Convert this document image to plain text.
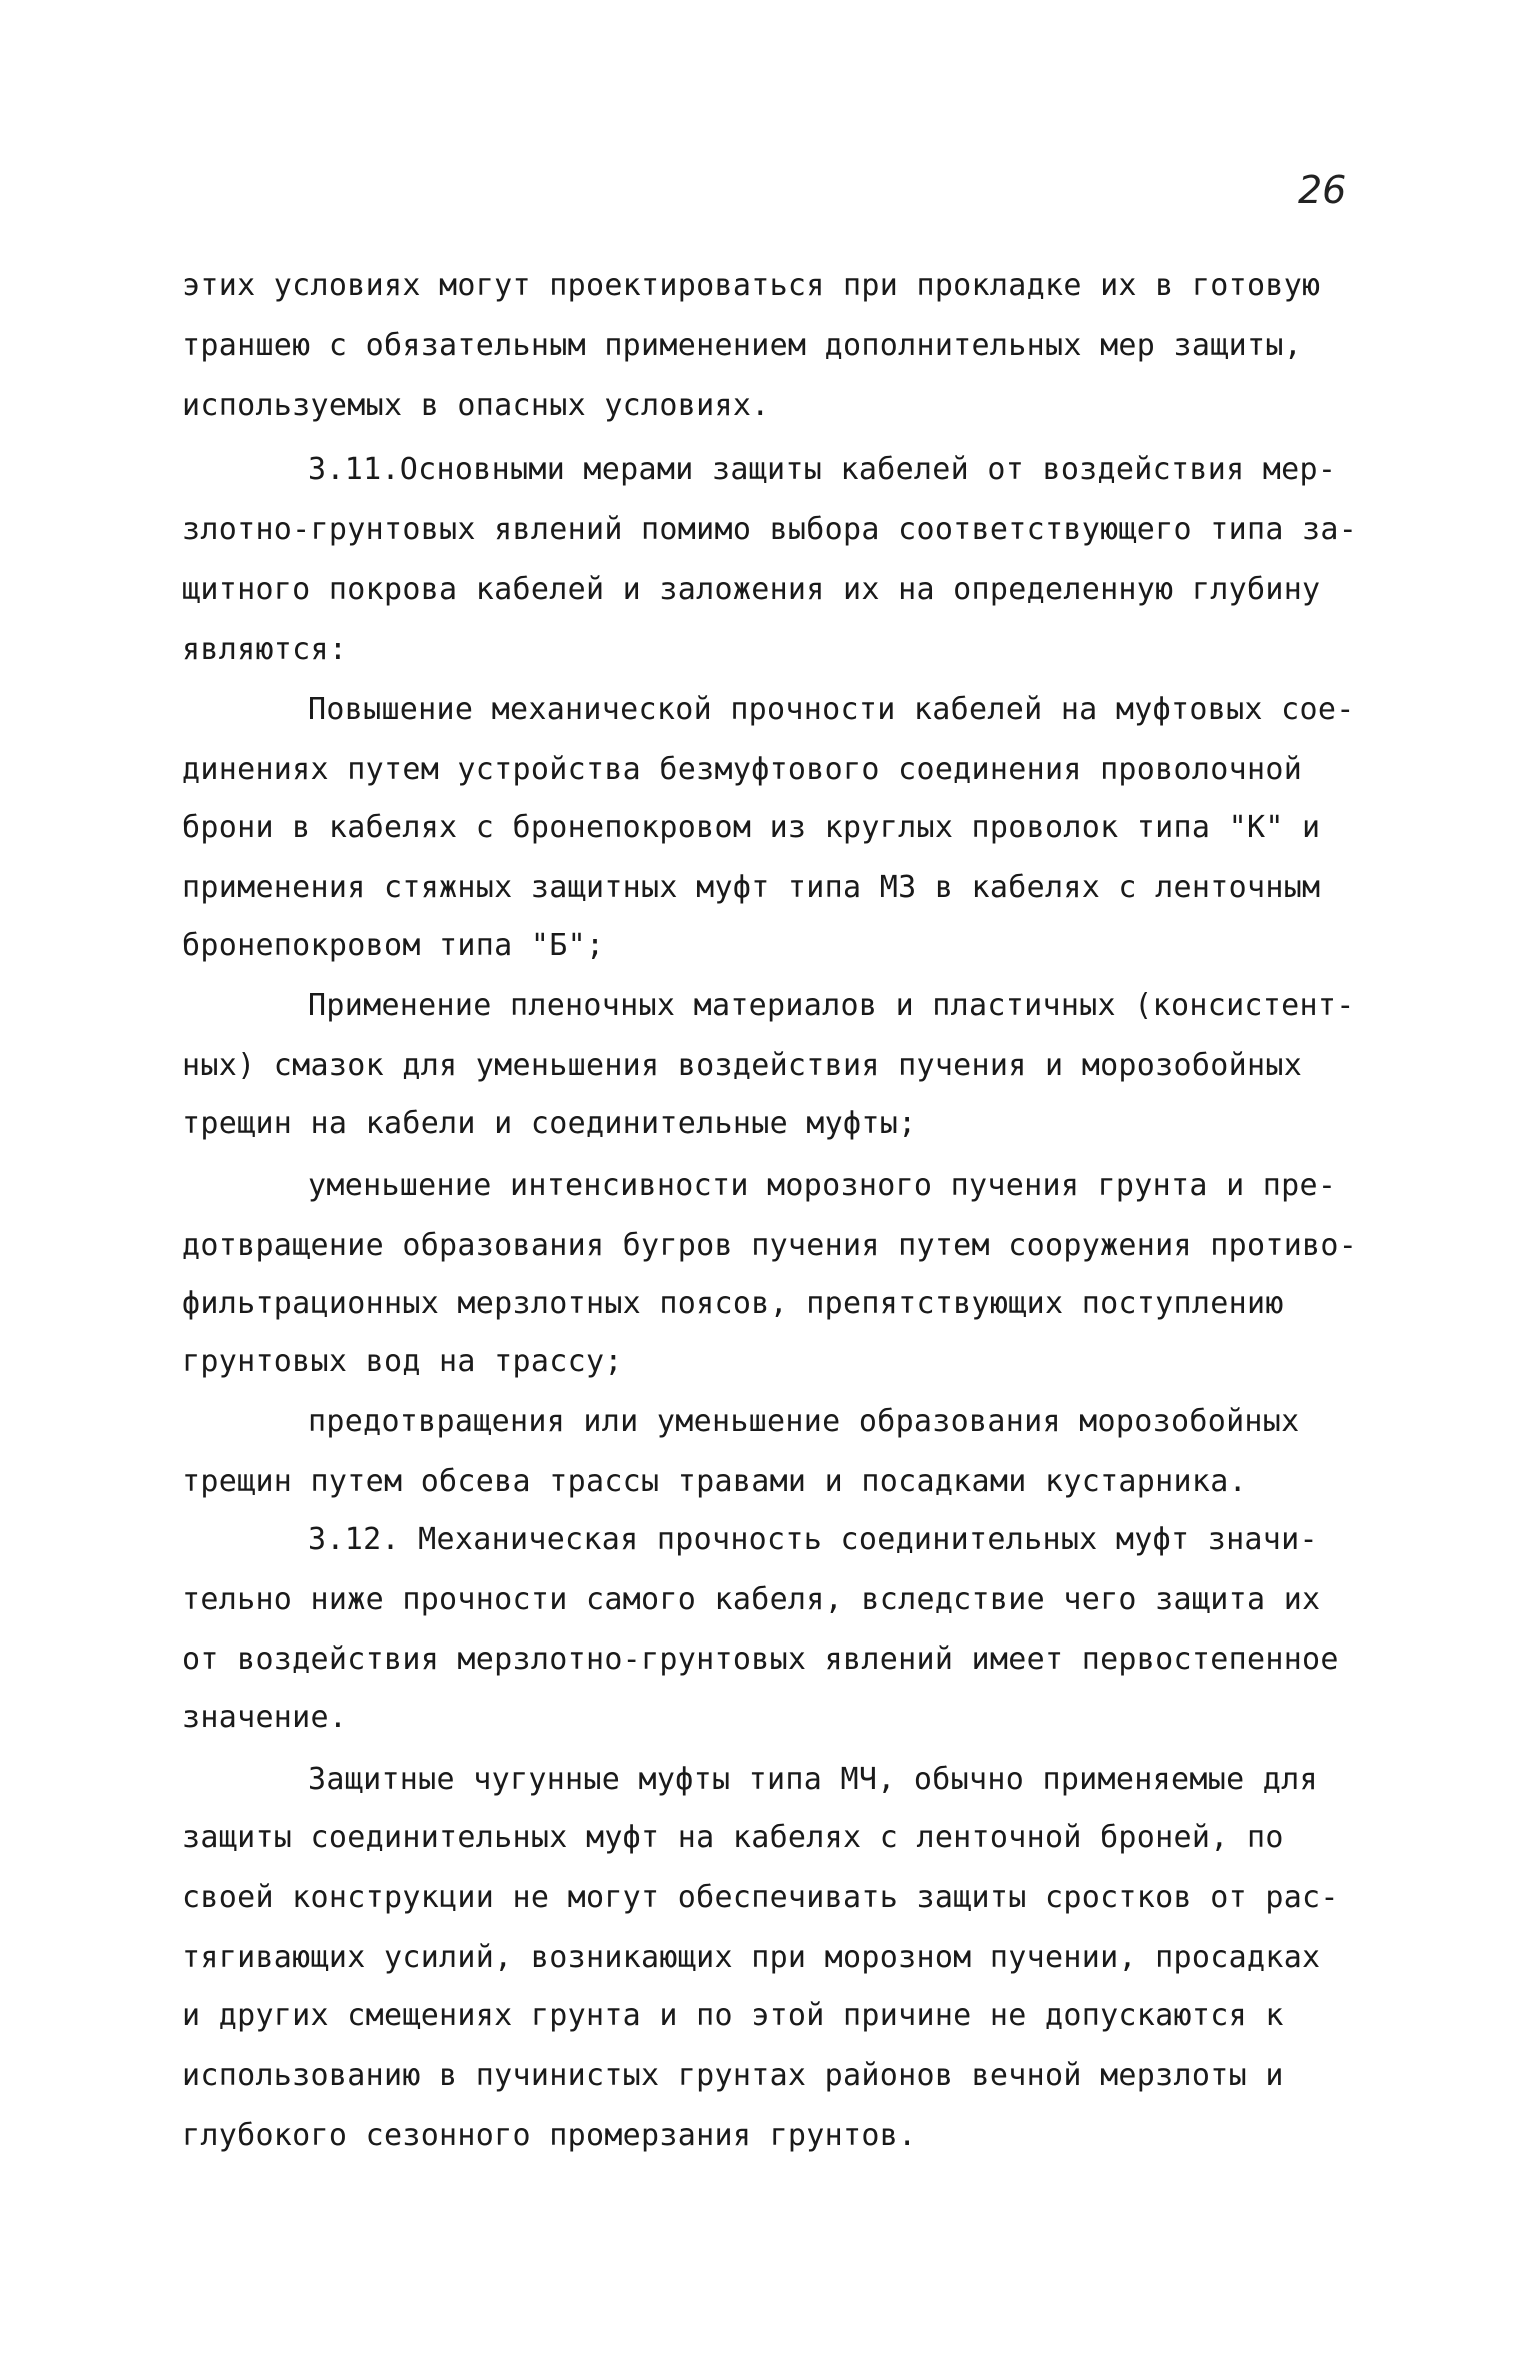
26
этих условиях могут проектироваться при прокладке их в готовую
траншею с обязательным применением дополнительных мер защиты,
используемых в опасных условиях.
3.11.Основными мерами защиты кабелей от воздействия мер-
злотно-грунтовых явлений помимо выбора соответствующего типа за-
щитного покрова кабелей и заложения их на определенную глубину
являются:
Повышение механической прочности кабелей на муфтовых сое-
динениях путем устройства безмуфтового соединения проволочной
брони в кабелях с бронепокровом из круглых проволок типа "К" и
применения стяжных защитных муфт типа МЗ в кабелях с ленточным
бронепокровом типа "Б";
Применение пленочных материалов и пластичных (консистент-
ных) смазок для уменьшения воздействия пучения и морозобойных
трещин на кабели и соединительные муфты;
уменьшение интенсивности морозного пучения грунта и пре-
дотвращение образования бугров пучения путем сооружения противо-
фильтрационных мерзлотных поясов, препятствующих поступлению
грунтовых вод на трассу;
предотвращения или уменьшение образования морозобойных
трещин путем обсева трассы травами и посадками кустарника.
3.12. Механическая прочность соединительных муфт значи-
тельно ниже прочности самого кабеля, вследствие чего защита их
от воздействия мерзлотно-грунтовых явлений имеет первостепенное
значение.
Защитные чугунные муфты типа МЧ, обычно применяемые для
защиты соединительных муфт на кабелях с ленточной броней, по
своей конструкции не могут обеспечивать защиты сростков от рас-
тягивающих усилий, возникающих при морозном пучении, просадках
и других смещениях грунта и по этой причине не допускаются к
использованию в пучинистых грунтах районов вечной мерзлоты и
глубокого сезонного промерзания грунтов.
